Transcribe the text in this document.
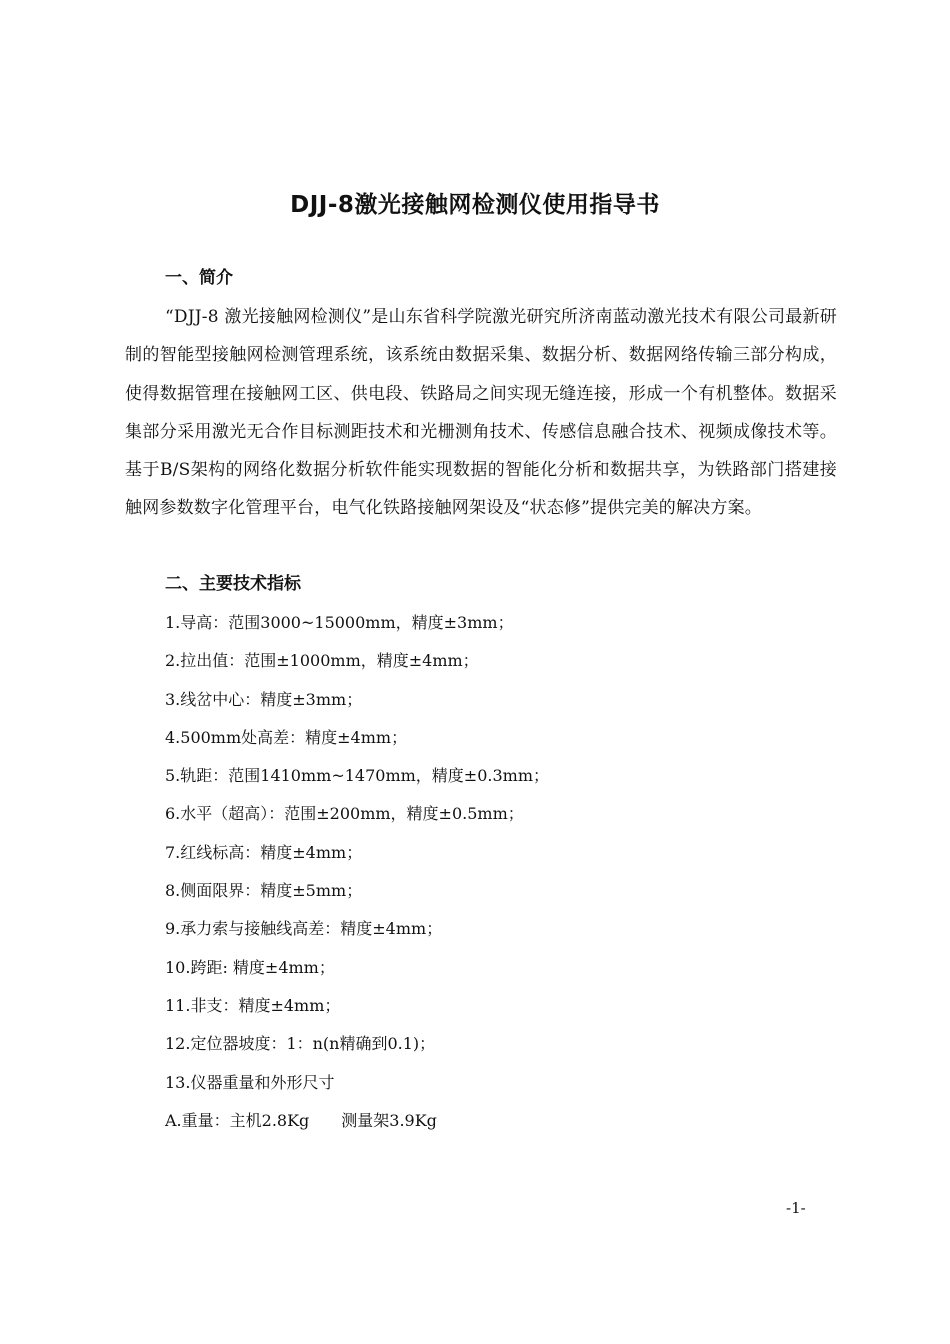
DJJ-8激光接触网检测仪使用指导书
一、简介

“DJJ-8 激光接触网检测仪”是山东省科学院激光研究所济南蓝动激光技术有限公司最新研制的智能型接触网检测管理系统，该系统由数据采集、数据分析、数据网络传输三部分构成，使得数据管理在接触网工区、供电段、铁路局之间实现无缝连接，形成一个有机整体。数据采集部分采用激光无合作目标测距技术和光栅测角技术、传感信息融合技术、视频成像技术等。基于B/S架构的网络化数据分析软件能实现数据的智能化分析和数据共享，为铁路部门搭建接触网参数数字化管理平台，电气化铁路接触网架设及“状态修”提供完美的解决方案。

二、主要技术指标
1.导高：范围3000~15000mm，精度±3mm；
2.拉出值：范围±1000mm，精度±4mm；
3.线岔中心：精度±3mm；
4.500mm处高差：精度±4mm；
5.轨距：范围1410mm~1470mm，精度±0.3mm；
6.水平（超高）：范围±200mm，精度±0.5mm；
7.红线标高：精度±4mm；
8.侧面限界：精度±5mm；
9.承力索与接触线高差：精度±4mm；
10.跨距: 精度±4mm；
11.非支：精度±4mm；
12.定位器坡度：1：n(n精确到0.1)；
13.仪器重量和外形尺寸
A.重量：主机2.8Kg　　测量架3.9Kg

-1-
